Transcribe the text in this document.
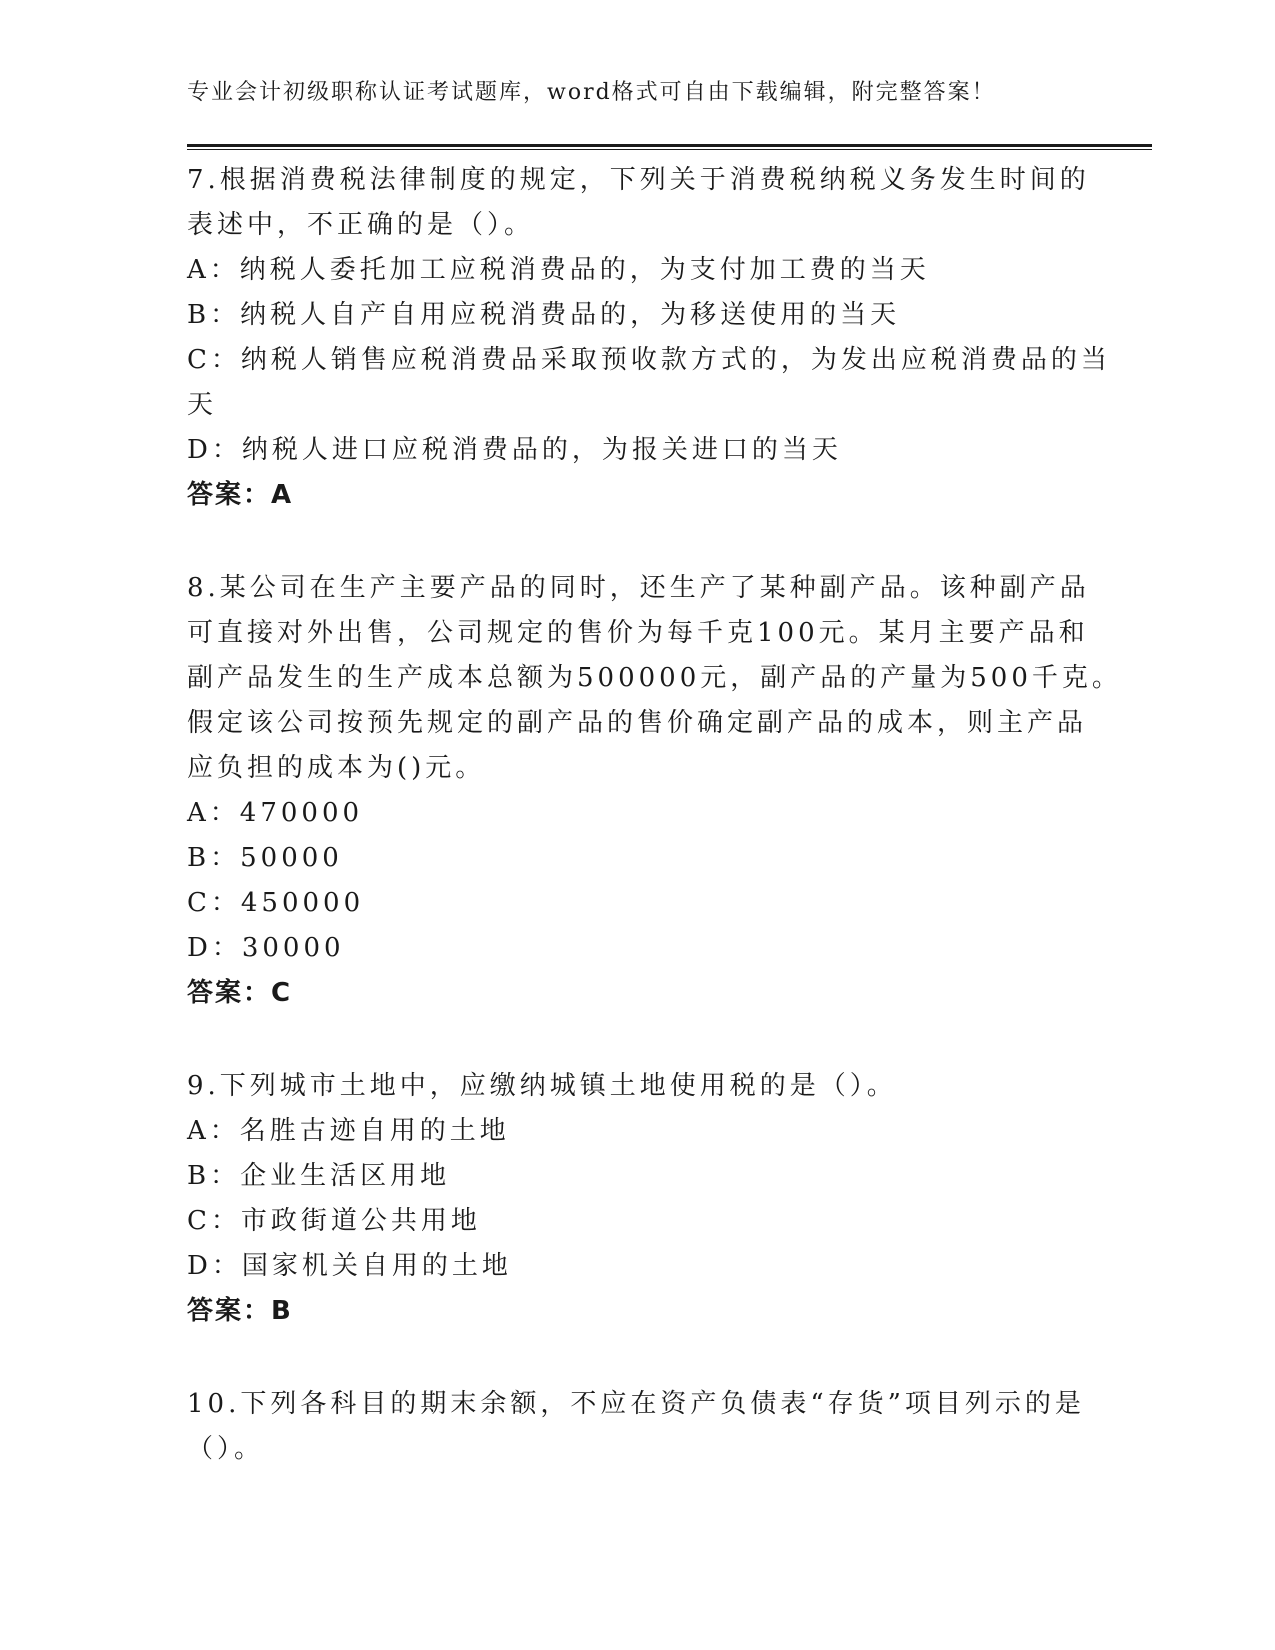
专业会计初级职称认证考试题库，word格式可自由下载编辑，附完整答案！
7.根据消费税法律制度的规定，下列关于消费税纳税义务发生时间的
表述中，不正确的是（）。
A：纳税人委托加工应税消费品的，为支付加工费的当天
B：纳税人自产自用应税消费品的，为移送使用的当天
C：纳税人销售应税消费品采取预收款方式的，为发出应税消费品的当
天
D：纳税人进口应税消费品的，为报关进口的当天
答案：A
8.某公司在生产主要产品的同时，还生产了某种副产品。该种副产品
可直接对外出售，公司规定的售价为每千克100元。某月主要产品和
副产品发生的生产成本总额为500000元，副产品的产量为500千克。
假定该公司按预先规定的副产品的售价确定副产品的成本，则主产品
应负担的成本为()元。
A：470000
B：50000
C：450000
D：30000
答案：C
9.下列城市土地中，应缴纳城镇土地使用税的是（）。
A：名胜古迹自用的土地
B：企业生活区用地
C：市政街道公共用地
D：国家机关自用的土地
答案：B
10.下列各科目的期末余额，不应在资产负债表“存货”项目列示的是
（）。
